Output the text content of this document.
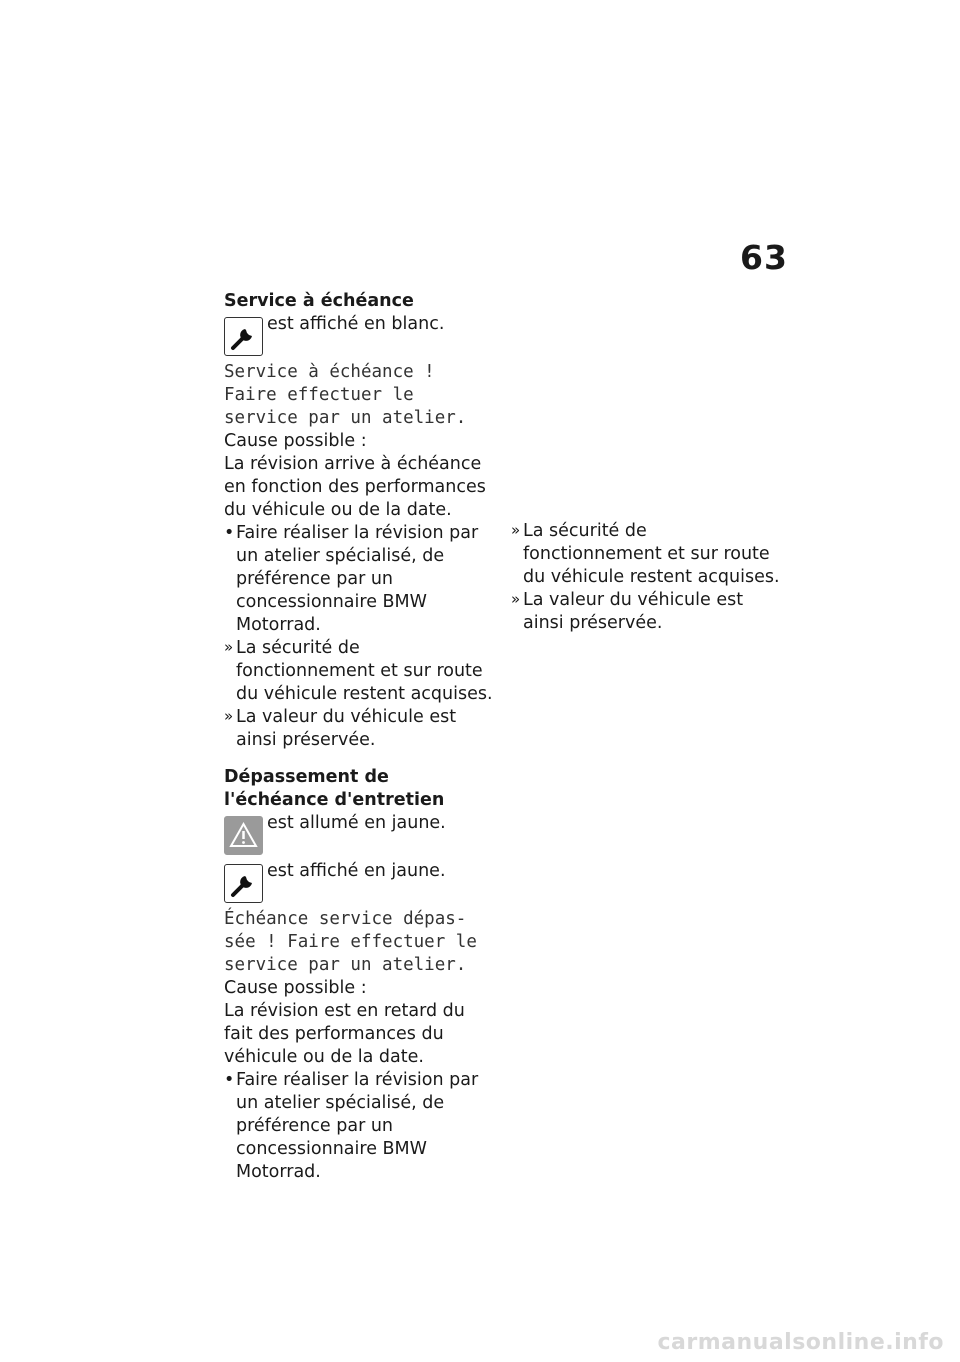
63

Service à échéance

est affiché en blanc.

Service à échéance !

Faire effectuer le

service par un atelier.

Cause possible :

La révision arrive à échéance en fonction des performances du véhicule ou de la date.

• Faire réaliser la révision par un atelier spécialisé, de préférence par un concessionnaire BMW Motorrad.

» La sécurité de fonctionnement et sur route du véhicule restent acquises.

» La valeur du véhicule est ainsi préservée.

Dépassement de l'échéance d'entretien

est allumé en jaune.
est affiché en jaune.

Échéance service dépas-

sée ! Faire effectuer le

service par un atelier.

Cause possible :

La révision est en retard du fait des performances du véhicule ou de la date.

• Faire réaliser la révision par un atelier spécialisé, de préférence par un concessionnaire BMW Motorrad.

» La sécurité de fonctionnement et sur route du véhicule restent acquises.

» La valeur du véhicule est ainsi préservée.

carmanualsonline.info
